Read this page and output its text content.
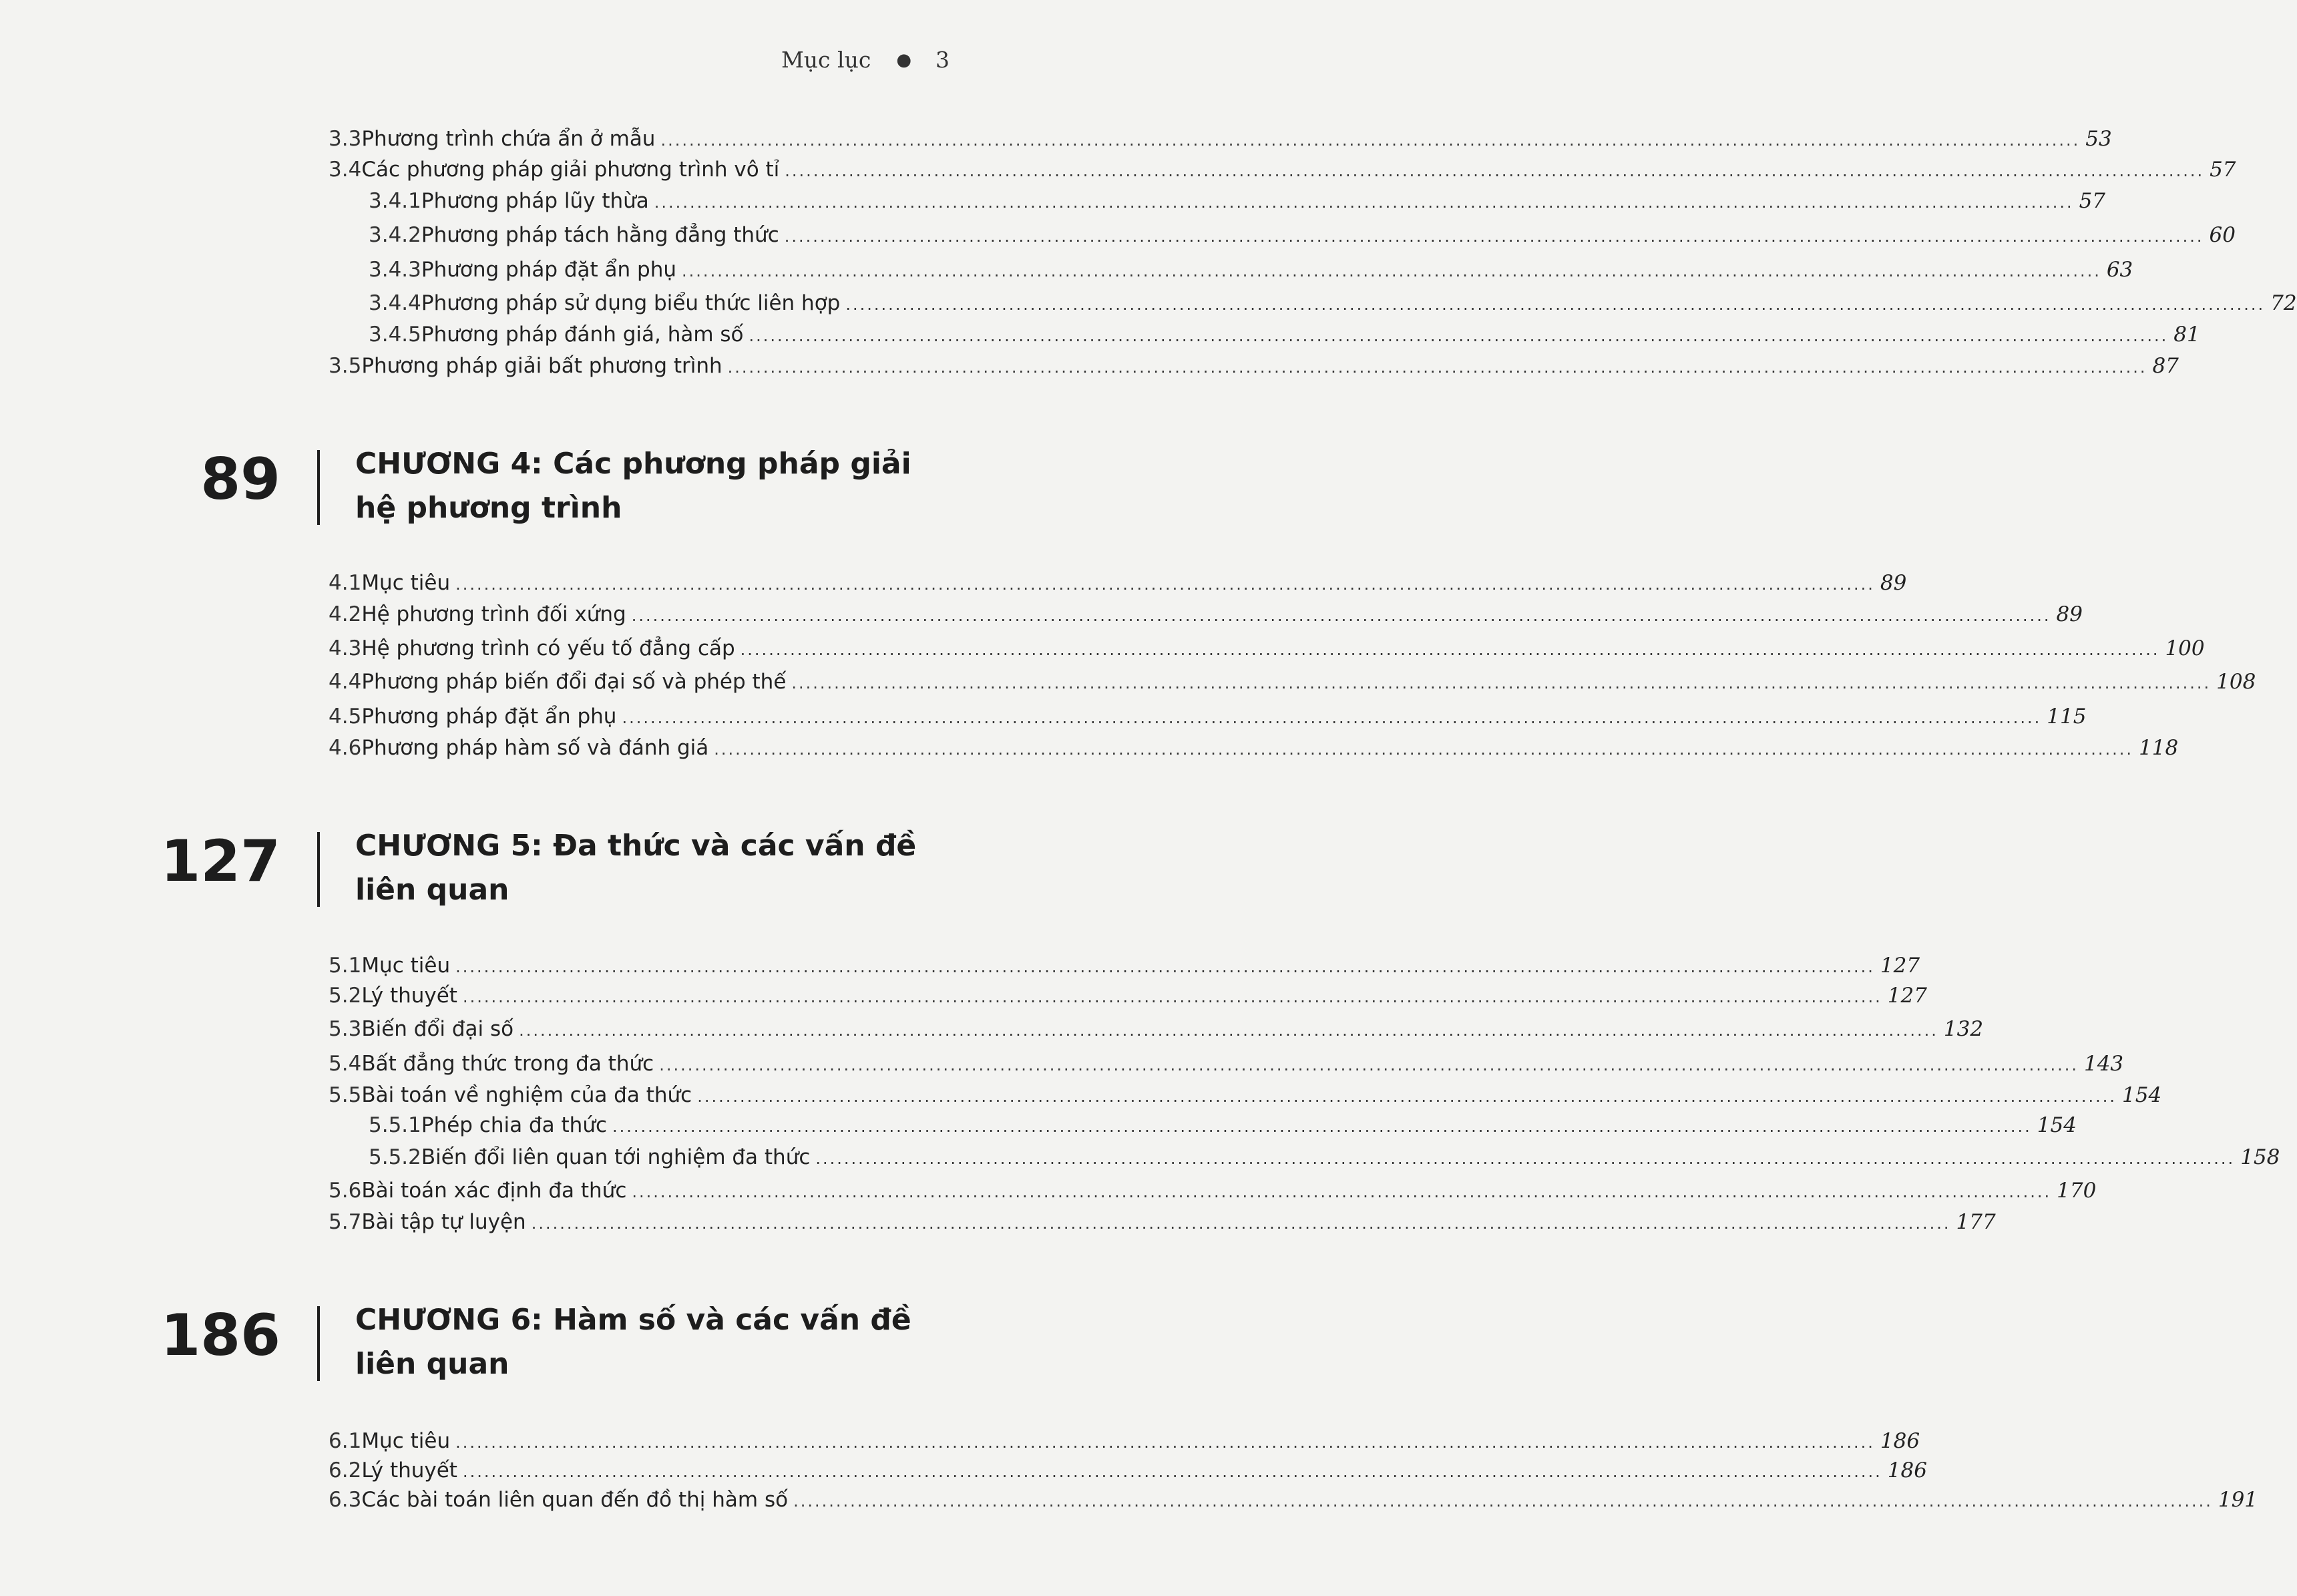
Mục lục ● 3
3.3 Phương trình chứa ẩn ở mẫu ........................................................................................................................................................................................................ 53
3.4 Các phương pháp giải phương trình vô tỉ ........................................................................................................................................................................................................ 57
3.4.1 Phương pháp lũy thừa ........................................................................................................................................................................................................ 57
3.4.2 Phương pháp tách hằng đẳng thức ........................................................................................................................................................................................................ 60
3.4.3 Phương pháp đặt ẩn phụ ........................................................................................................................................................................................................ 63
3.4.4 Phương pháp sử dụng biểu thức liên hợp ........................................................................................................................................................................................................ 72
3.4.5 Phương pháp đánh giá, hàm số ........................................................................................................................................................................................................ 81
3.5 Phương pháp giải bất phương trình ........................................................................................................................................................................................................ 87
89	CHƯƠNG 4: Các phương pháp giải hệ phương trình
4.1 Mục tiêu ........................................................................................................................................................................................................ 89
4.2 Hệ phương trình đối xứng ........................................................................................................................................................................................................ 89
4.3 Hệ phương trình có yếu tố đẳng cấp ........................................................................................................................................................................................................ 100
4.4 Phương pháp biến đổi đại số và phép thế ........................................................................................................................................................................................................ 108
4.5 Phương pháp đặt ẩn phụ ........................................................................................................................................................................................................ 115
4.6 Phương pháp hàm số và đánh giá ........................................................................................................................................................................................................ 118
127	CHƯƠNG 5: Đa thức và các vấn đề liên quan
5.1 Mục tiêu ........................................................................................................................................................................................................ 127
5.2 Lý thuyết ........................................................................................................................................................................................................ 127
5.3 Biến đổi đại số ........................................................................................................................................................................................................ 132
5.4 Bất đẳng thức trong đa thức ........................................................................................................................................................................................................ 143
5.5 Bài toán về nghiệm của đa thức ........................................................................................................................................................................................................ 154
5.5.1 Phép chia đa thức ........................................................................................................................................................................................................ 154
5.5.2 Biến đổi liên quan tới nghiệm đa thức ........................................................................................................................................................................................................ 158
5.6 Bài toán xác định đa thức ........................................................................................................................................................................................................ 170
5.7 Bài tập tự luyện ........................................................................................................................................................................................................ 177
186	CHƯƠNG 6: Hàm số và các vấn đề liên quan
6.1 Mục tiêu ........................................................................................................................................................................................................ 186
6.2 Lý thuyết ........................................................................................................................................................................................................ 186
6.3 Các bài toán liên quan đến đồ thị hàm số ........................................................................................................................................................................................................ 191
